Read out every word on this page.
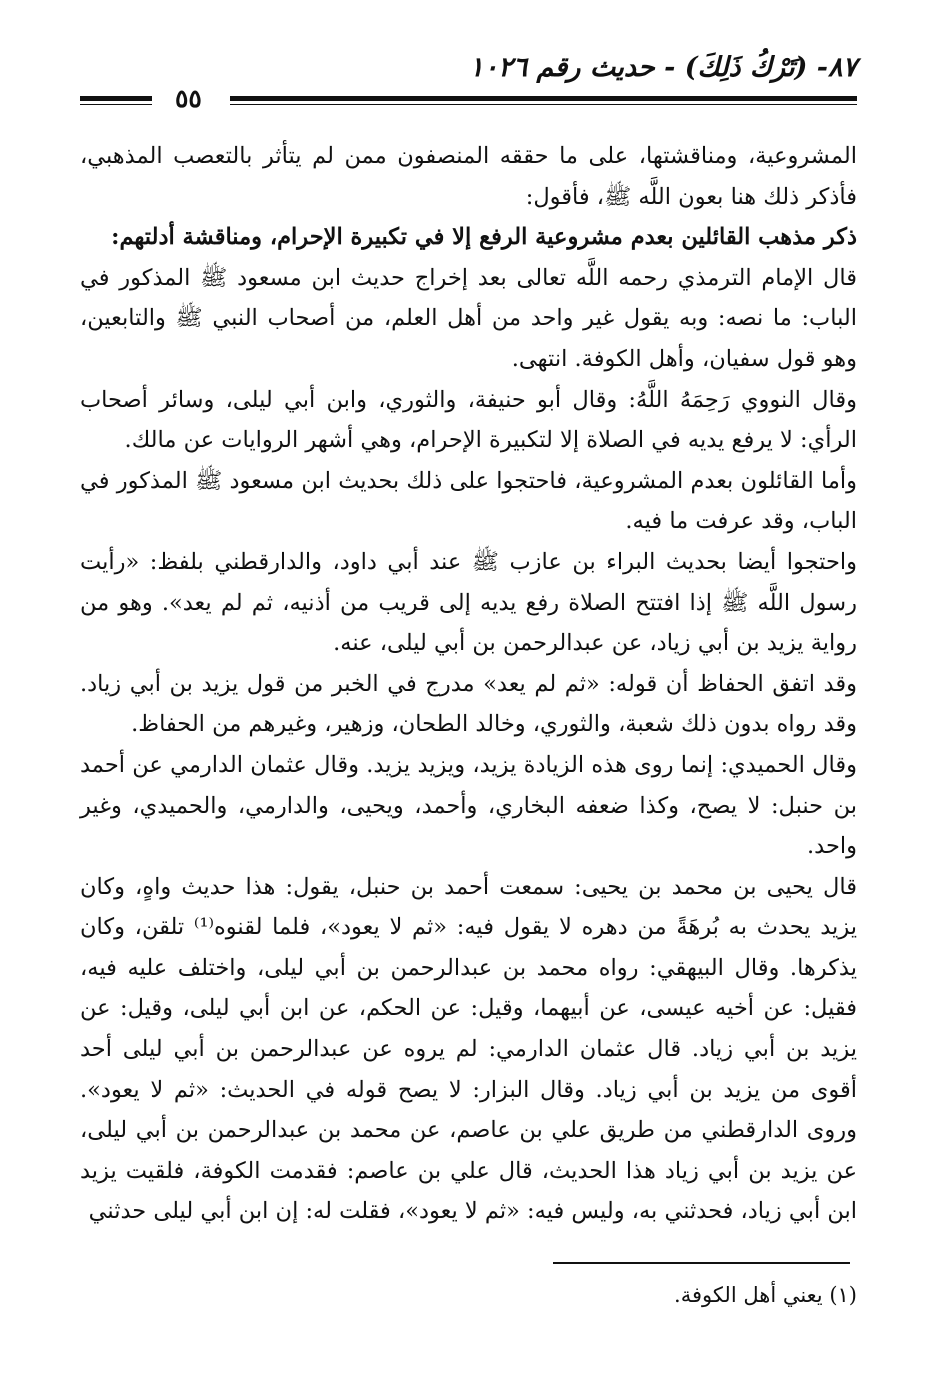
٨٧- (تَرْكُ ذَلِكَ) - حديث رقم ١٠٢٦
٥٥

المشروعية، ومناقشتها، على ما حققه المنصفون ممن لم يتأثر بالتعصب المذهبي، فأذكر ذلك هنا بعون اللَّه ﷺ، فأقول:

ذكر مذهب القائلين بعدم مشروعية الرفع إلا في تكبيرة الإحرام، ومناقشة أدلتهم:

قال الإمام الترمذي رحمه اللَّه تعالى بعد إخراج حديث ابن مسعود ﷺ المذكور في الباب: ما نصه: وبه يقول غير واحد من أهل العلم، من أصحاب النبي ﷺ والتابعين، وهو قول سفيان، وأهل الكوفة. انتهى.

وقال النووي رَحِمَهُ اللَّهُ: وقال أبو حنيفة، والثوري، وابن أبي ليلى، وسائر أصحاب الرأي: لا يرفع يديه في الصلاة إلا لتكبيرة الإحرام، وهي أشهر الروايات عن مالك.

وأما القائلون بعدم المشروعية، فاحتجوا على ذلك بحديث ابن مسعود ﷺ المذكور في الباب، وقد عرفت ما فيه.

واحتجوا أيضا بحديث البراء بن عازب ﷺ عند أبي داود، والدارقطني بلفظ: «رأيت رسول اللَّه ﷺ إذا افتتح الصلاة رفع يديه إلى قريب من أذنيه، ثم لم يعد». وهو من رواية يزيد بن أبي زياد، عن عبدالرحمن بن أبي ليلى، عنه.

وقد اتفق الحفاظ أن قوله: «ثم لم يعد» مدرج في الخبر من قول يزيد بن أبي زياد. وقد رواه بدون ذلك شعبة، والثوري، وخالد الطحان، وزهير، وغيرهم من الحفاظ.

وقال الحميدي: إنما روى هذه الزيادة يزيد، ويزيد يزيد. وقال عثمان الدارمي عن أحمد بن حنبل: لا يصح، وكذا ضعفه البخاري، وأحمد، ويحيى، والدارمي، والحميدي، وغير واحد.

قال يحيى بن محمد بن يحيى: سمعت أحمد بن حنبل، يقول: هذا حديث واهٍ، وكان يزيد يحدث به بُرهَةً من دهره لا يقول فيه: «ثم لا يعود»، فلما لقنوه⁽¹⁾ تلقن، وكان يذكرها. وقال البيهقي: رواه محمد بن عبدالرحمن بن أبي ليلى، واختلف عليه فيه، فقيل: عن أخيه عيسى، عن أبيهما، وقيل: عن الحكم، عن ابن أبي ليلى، وقيل: عن يزيد بن أبي زياد. قال عثمان الدارمي: لم يروه عن عبدالرحمن بن أبي ليلى أحد أقوى من يزيد بن أبي زياد. وقال البزار: لا يصح قوله في الحديث: «ثم لا يعود». وروى الدارقطني من طريق علي بن عاصم، عن محمد بن عبدالرحمن بن أبي ليلى، عن يزيد بن أبي زياد هذا الحديث، قال علي بن عاصم: فقدمت الكوفة، فلقيت يزيد ابن أبي زياد، فحدثني به، وليس فيه: «ثم لا يعود»، فقلت له: إن ابن أبي ليلى حدثني

(١) يعني أهل الكوفة.
